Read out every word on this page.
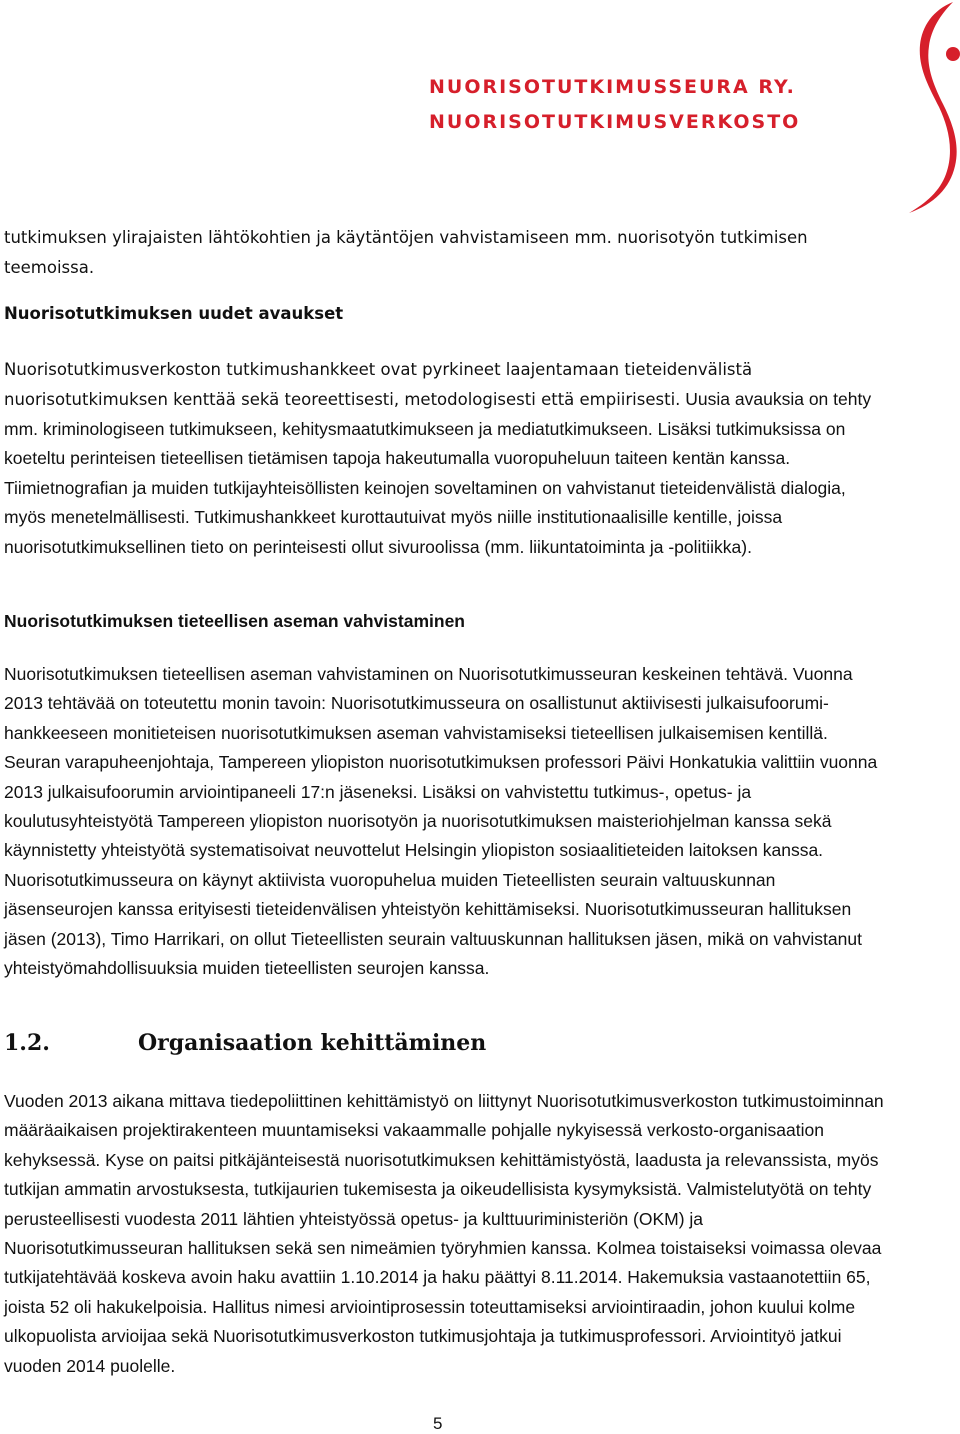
NUORISOTUTKIMUSSEURA RY.
NUORISOTUTKIMUSVERKOSTO

tutkimuksen ylirajaisten lähtökohtien ja käytäntöjen vahvistamiseen mm. nuorisotyön tutkimisen teemoissa.

Nuorisotutkimuksen uudet avaukset

Nuorisotutkimusverkoston tutkimushankkeet ovat pyrkineet laajentamaan tieteidenvälistä nuorisotutkimuksen kenttää sekä teoreettisesti, metodologisesti että empiirisesti. Uusia avauksia on tehty mm. kriminologiseen tutkimukseen, kehitysmaatutkimukseen ja mediatutkimukseen. Lisäksi tutkimuksissa on koeteltu perinteisen tieteellisen tietämisen tapoja hakeutumalla vuoropuheluun taiteen kentän kanssa. Tiimietnografian ja muiden tutkijayhteisöllisten keinojen soveltaminen on vahvistanut tieteidenvälistä dialogia, myös menetelmällisesti. Tutkimushankkeet kurottautuivat myös niille institutionaalisille kentille, joissa nuorisotutkimuksellinen tieto on perinteisesti ollut sivuroolissa (mm. liikuntatoiminta ja -politiikka).

Nuorisotutkimuksen tieteellisen aseman vahvistaminen

Nuorisotutkimuksen tieteellisen aseman vahvistaminen on Nuorisotutkimusseuran keskeinen tehtävä. Vuonna 2013 tehtävää on toteutettu monin tavoin: Nuorisotutkimusseura on osallistunut aktiivisesti julkaisufoorumi-hankkeeseen monitieteisen nuorisotutkimuksen aseman vahvistamiseksi tieteellisen julkaisemisen kentillä. Seuran varapuheenjohtaja, Tampereen yliopiston nuorisotutkimuksen professori Päivi Honkatukia valittiin vuonna 2013 julkaisufoorumin arviointipaneeli 17:n jäseneksi. Lisäksi on vahvistettu tutkimus-, opetus- ja koulutusyhteistyötä Tampereen yliopiston nuorisotyön ja nuorisotutkimuksen maisteriohjelman kanssa sekä käynnistetty yhteistyötä systematisoivat neuvottelut Helsingin yliopiston sosiaalitieteiden laitoksen kanssa. Nuorisotutkimusseura on käynyt aktiivista vuoropuhelua muiden Tieteellisten seurain valtuuskunnan jäsenseurojen kanssa erityisesti tieteidenvälisen yhteistyön kehittämiseksi. Nuorisotutkimusseuran hallituksen jäsen (2013), Timo Harrikari, on ollut Tieteellisten seurain valtuuskunnan hallituksen jäsen, mikä on vahvistanut yhteistyömahdollisuuksia muiden tieteellisten seurojen kanssa.

1.2.	Organisaation kehittäminen

Vuoden 2013 aikana mittava tiedepoliittinen kehittämistyö on liittynyt Nuorisotutkimusverkoston tutkimustoiminnan määräaikaisen projektirakenteen muuntamiseksi vakaammalle pohjalle nykyisessä verkosto-organisaation kehyksessä. Kyse on paitsi pitkäjänteisestä nuorisotutkimuksen kehittämistyöstä, laadusta ja relevanssista, myös tutkijan ammatin arvostuksesta, tutkijaurien tukemisesta ja oikeudellisista kysymyksistä. Valmistelutyötä on tehty perusteellisesti vuodesta 2011 lähtien yhteistyössä opetus- ja kulttuuriministeriön (OKM) ja Nuorisotutkimusseuran hallituksen sekä sen nimeämien työryhmien kanssa. Kolmea toistaiseksi voimassa olevaa tutkijatehtävää koskeva avoin haku avattiin 1.10.2014 ja haku päättyi 8.11.2014. Hakemuksia vastaanotettiin 65, joista 52 oli hakukelpoisia. Hallitus nimesi arviointiprosessin toteuttamiseksi arviointiraadin, johon kuului kolme ulkopuolista arvioijaa sekä Nuorisotutkimusverkoston tutkimusjohtaja ja tutkimusprofessori. Arviointityö jatkui vuoden 2014 puolelle.

5
